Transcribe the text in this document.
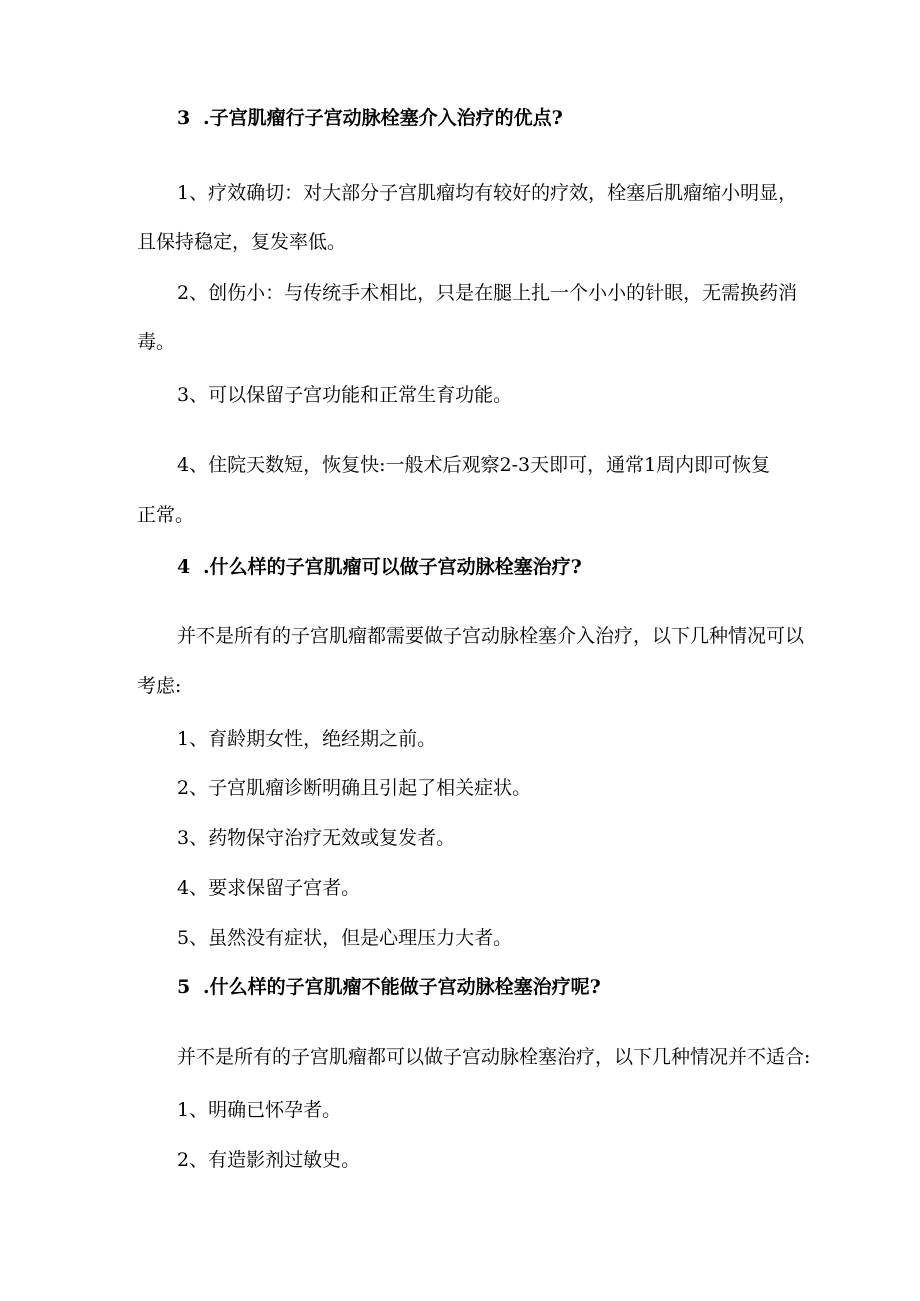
3 .子宫肌瘤行子宫动脉栓塞介入治疗的优点?

1、疗效确切：对大部分子宫肌瘤均有较好的疗效，栓塞后肌瘤缩小明显，

且保持稳定，复发率低。

2、创伤小：与传统手术相比，只是在腿上扎一个小小的针眼，无需换药消

毒。

3、可以保留子宫功能和正常生育功能。

4、住院天数短，恢复快:一般术后观察2-3天即可，通常1周内即可恢复

正常。

4 .什么样的子宫肌瘤可以做子宫动脉栓塞治疗?

并不是所有的子宫肌瘤都需要做子宫动脉栓塞介入治疗，以下几种情况可以

考虑:

1、育龄期女性，绝经期之前。

2、子宫肌瘤诊断明确且引起了相关症状。

3、药物保守治疗无效或复发者。

4、要求保留子宫者。

5、虽然没有症状，但是心理压力大者。

5 .什么样的子宫肌瘤不能做子宫动脉栓塞治疗呢?

并不是所有的子宫肌瘤都可以做子宫动脉栓塞治疗，以下几种情况并不适合:

1、明确已怀孕者。

2、有造影剂过敏史。
